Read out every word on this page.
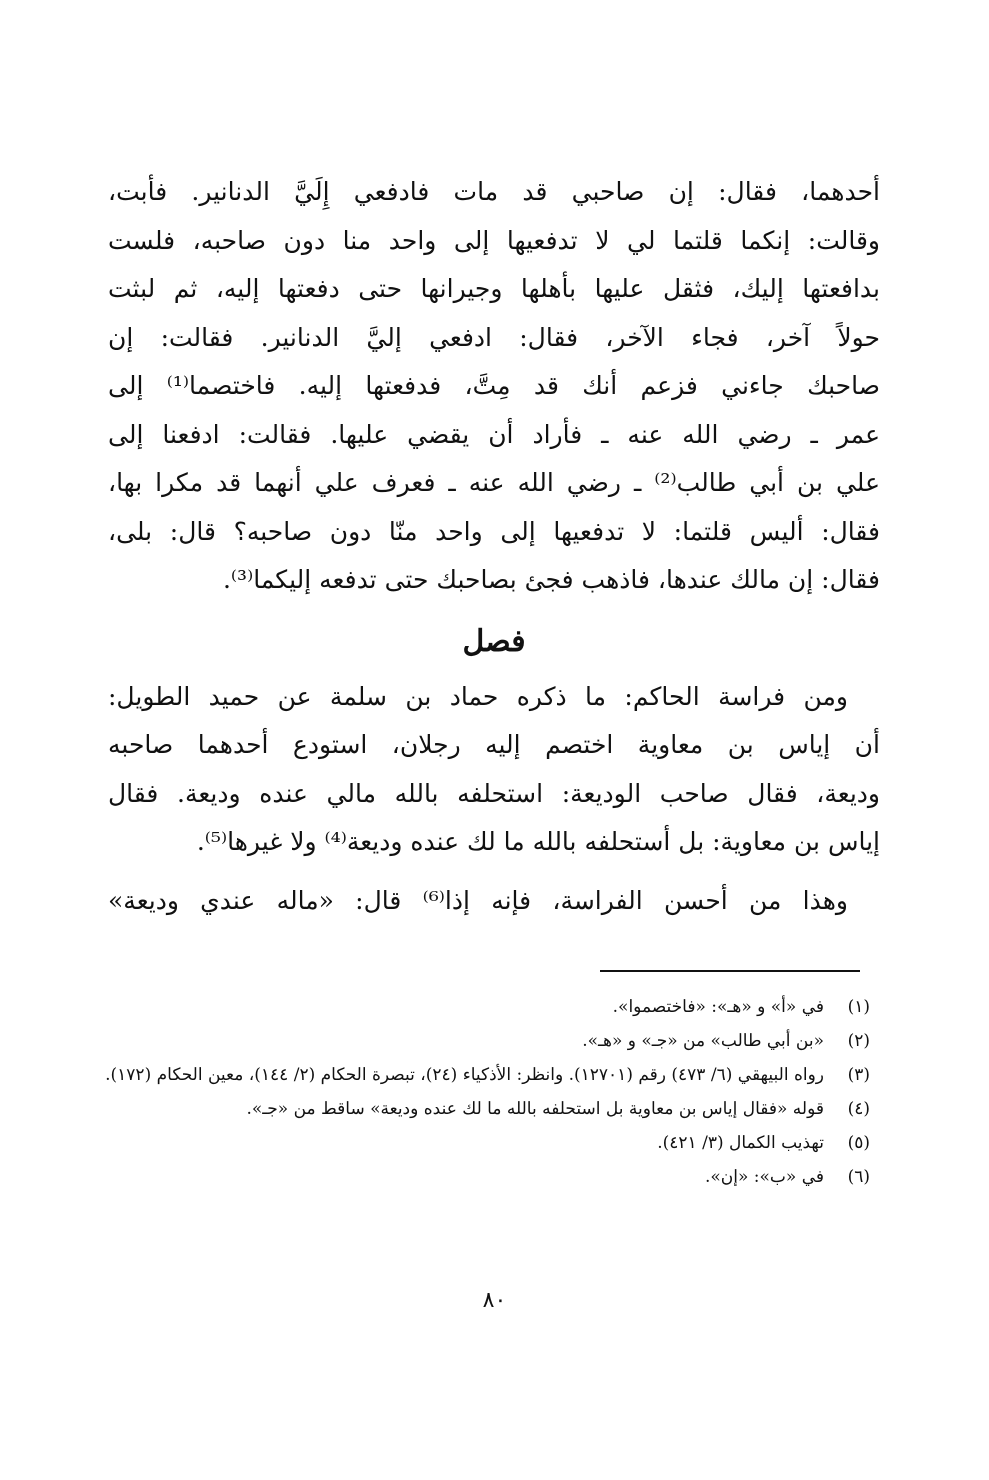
أحدهما، فقال: إن صاحبي قد مات فادفعي إِلَيَّ الدنانير. فأبت،
وقالت: إنكما قلتما لي لا تدفعيها إلى واحد منا دون صاحبه، فلست
بدافعتها إليك، فثقل عليها بأهلها وجيرانها حتى دفعتها إليه، ثم لبثت
حولاً آخر، فجاء الآخر، فقال: ادفعي إليَّ الدنانير. فقالت: إن
صاحبك جاءني فزعم أنك قد مِتَّ، فدفعتها إليه. فاختصما⁽¹⁾ إلى
عمر ـ رضي الله عنه ـ فأراد أن يقضي عليها. فقالت: ادفعنا إلى
علي بن أبي طالب⁽²⁾ ـ رضي الله عنه ـ فعرف علي أنهما قد مكرا بها،
فقال: أليس قلتما: لا تدفعيها إلى واحد منّا دون صاحبه؟ قال: بلى،
فقال: إن مالك عندها، فاذهب فجئ بصاحبك حتى تدفعه إليكما⁽³⁾.
فصل
ومن فراسة الحاكم: ما ذكره حماد بن سلمة عن حميد الطويل:
أن إياس بن معاوية اختصم إليه رجلان، استودع أحدهما صاحبه
وديعة، فقال صاحب الوديعة: استحلفه بالله مالي عنده وديعة. فقال
إياس بن معاوية: بل أستحلفه بالله ما لك عنده وديعة⁽⁴⁾ ولا غيرها⁽⁵⁾.
وهذا من أحسن الفراسة، فإنه إذا⁽⁶⁾ قال: «ماله عندي وديعة»
(١)
في «أ» و «هـ»: «فاختصموا».
(٢)
«بن أبي طالب» من «جـ» و «هـ».
(٣)
رواه البيهقي (٦/ ٤٧٣) رقم (١٢٧٠١). وانظر: الأذكياء (٢٤)، تبصرة الحكام (٢/ ١٤٤)، معين الحكام (١٧٢).
(٤)
قوله «فقال إياس بن معاوية بل استحلفه بالله ما لك عنده وديعة» ساقط من «جـ».
(٥)
تهذيب الكمال (٣/ ٤٢١).
(٦)
في «ب»: «إن».
٨٠
